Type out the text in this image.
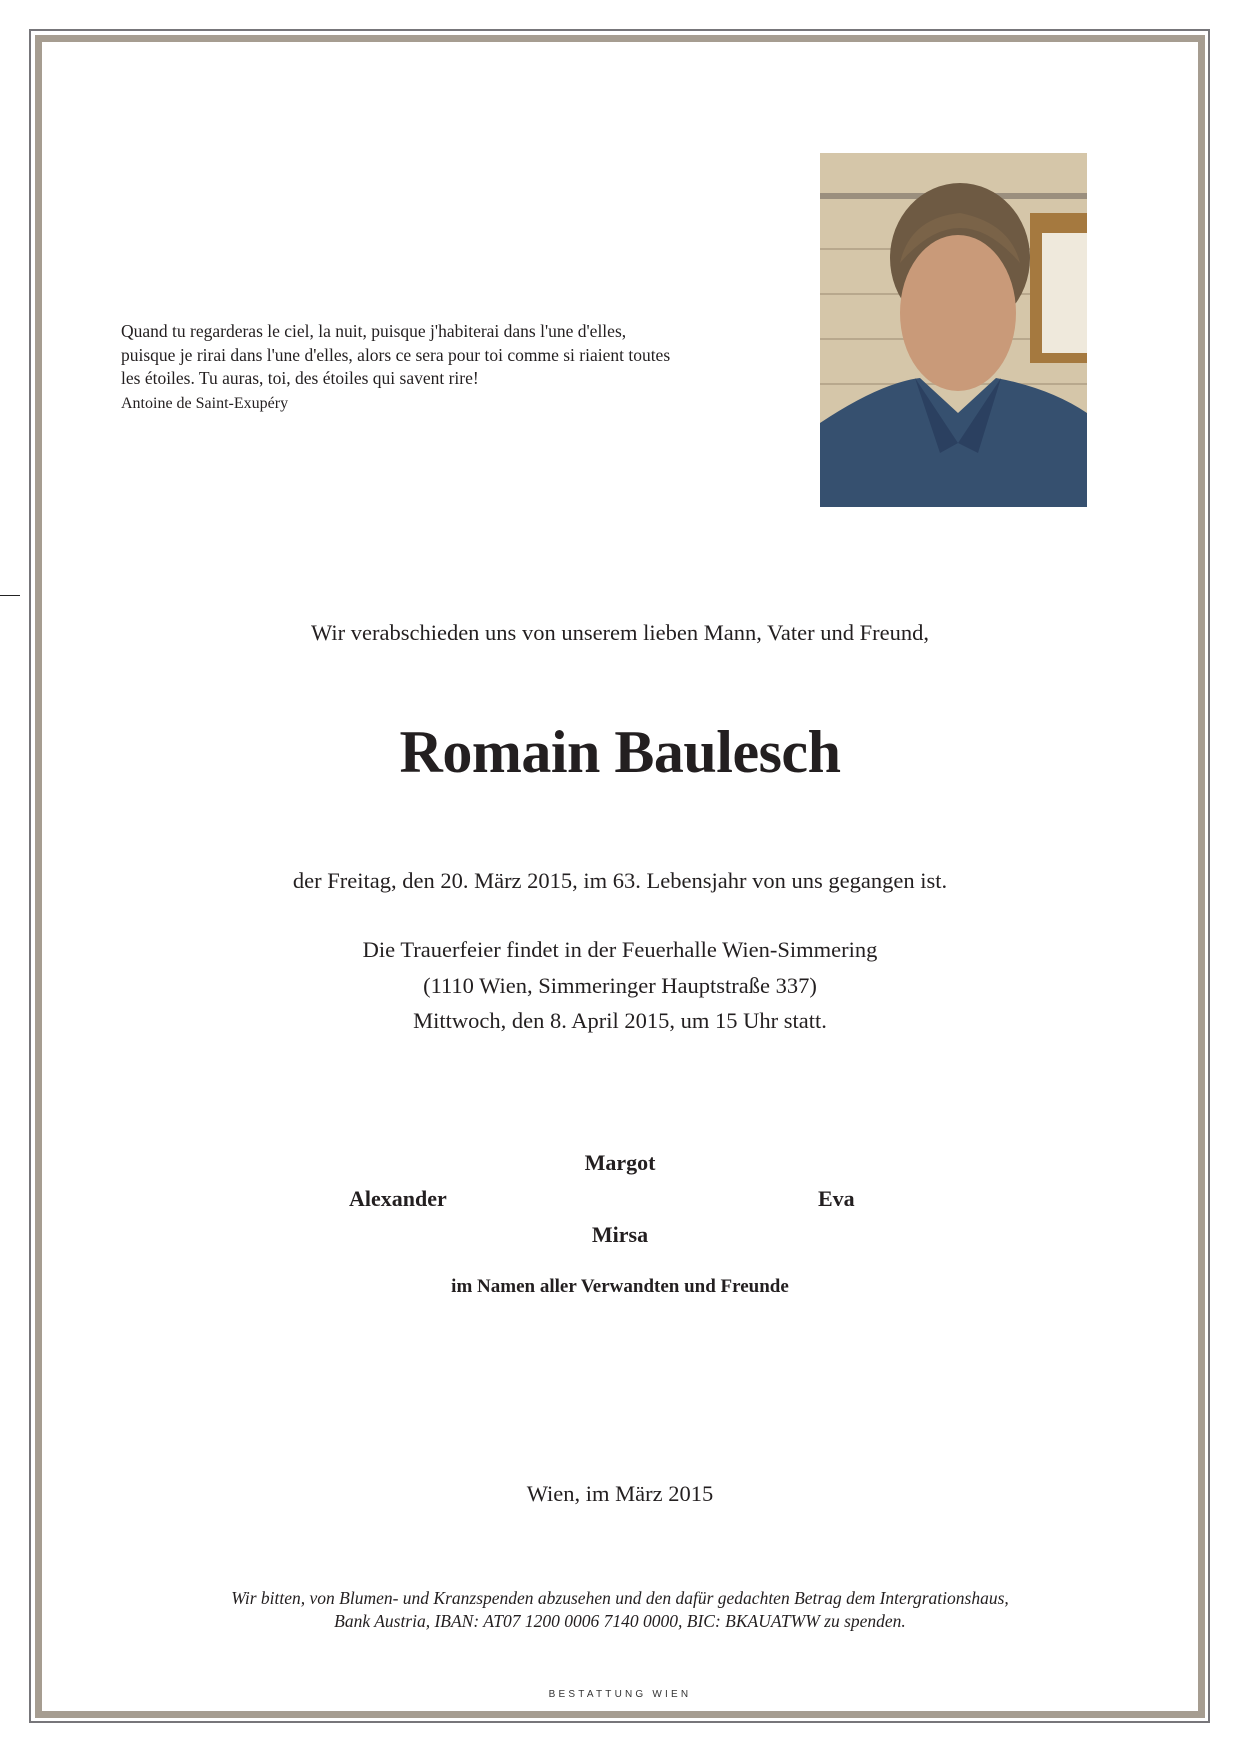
Quand tu regarderas le ciel, la nuit, puisque j'habiterai dans l'une d'elles,
puisque je rirai dans l'une d'elles, alors ce sera pour toi comme si riaient toutes
les étoiles. Tu auras, toi, des étoiles qui savent rire!
Antoine de Saint-Exupéry
Wir verabschieden uns von unserem lieben Mann, Vater und Freund,
Romain Baulesch
der Freitag, den 20. März 2015, im 63. Lebensjahr von uns gegangen ist.
Die Trauerfeier findet in der Feuerhalle Wien-Simmering
(1110 Wien, Simmeringer Hauptstraße 337)
Mittwoch, den 8. April 2015, um 15 Uhr statt.
Margot
Alexander	Eva
Mirsa
im Namen aller Verwandten und Freunde
Wien, im März 2015
Wir bitten, von Blumen- und Kranzspenden abzusehen und den dafür gedachten Betrag dem Intergrationshaus,
Bank Austria, IBAN: AT07 1200 0006 7140 0000, BIC: BKAUATWW zu spenden.
BESTATTUNG WIEN
